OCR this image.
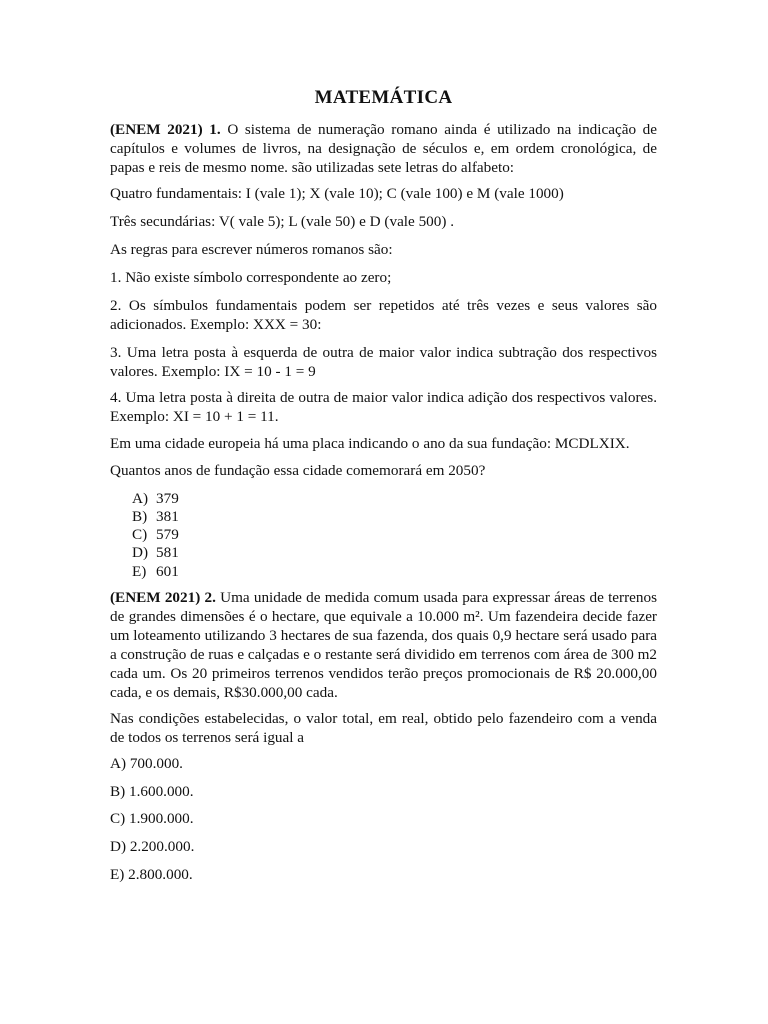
MATEMÁTICA

(ENEM 2021) 1. O sistema de numeração romano ainda é utilizado na indicação de capítulos e volumes de livros, na designação de séculos e, em ordem cronológica, de papas e reis de mesmo nome. são utilizadas sete letras do alfabeto:

Quatro fundamentais: I (vale 1); X (vale 10); C (vale 100) e M (vale 1000)

Três secundárias: V( vale 5); L (vale 50) e D (vale 500) .

As regras para escrever números romanos são:

1. Não existe símbolo correspondente ao zero;

2. Os símbulos fundamentais podem ser repetidos até três vezes e seus valores são adicionados. Exemplo: XXX = 30:

3. Uma letra posta à esquerda de outra de maior valor indica subtração dos respectivos valores. Exemplo: IX = 10 - 1 = 9

4. Uma letra posta à direita de outra de maior valor indica adição dos respectivos valores. Exemplo: XI = 10 + 1 = 11.

Em uma cidade europeia há uma placa indicando o ano da sua fundação: MCDLXIX.

Quantos anos de fundação essa cidade comemorará em 2050?

A) 379

B) 381

C) 579

D) 581

E) 601

(ENEM 2021) 2. Uma unidade de medida comum usada para expressar áreas de terrenos de grandes dimensões é o hectare, que equivale a 10.000 m². Um fazendeira decide fazer um loteamento utilizando 3 hectares de sua fazenda, dos quais 0,9 hectare será usado para a construção de ruas e calçadas e o restante será dividido em terrenos com área de 300 m2 cada um. Os 20 primeiros terrenos vendidos terão preços promocionais de R$ 20.000,00 cada, e os demais, R$30.000,00 cada.

Nas condições estabelecidas, o valor total, em real, obtido pelo fazendeiro com a venda de todos os terrenos será igual a

A) 700.000.

B) 1.600.000.

C) 1.900.000.

D) 2.200.000.

E) 2.800.000.
